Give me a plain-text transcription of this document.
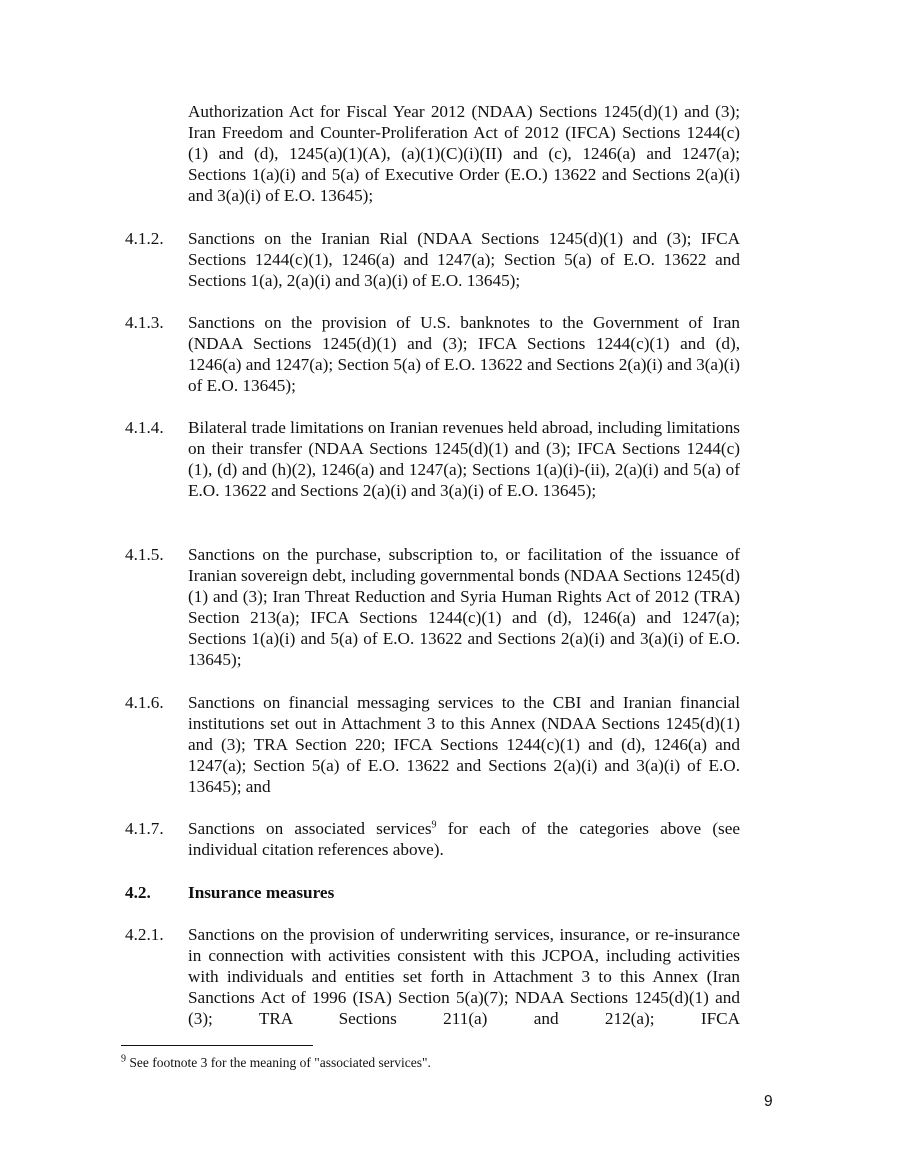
Authorization Act for Fiscal Year 2012 (NDAA) Sections 1245(d)(1) and (3); Iran Freedom and Counter-Proliferation Act of 2012 (IFCA) Sections 1244(c)(1) and (d), 1245(a)(1)(A), (a)(1)(C)(i)(II) and (c), 1246(a) and 1247(a); Sections 1(a)(i) and 5(a) of Executive Order (E.O.) 13622 and Sections 2(a)(i) and 3(a)(i) of E.O. 13645);
4.1.2. Sanctions on the Iranian Rial (NDAA Sections 1245(d)(1) and (3); IFCA Sections 1244(c)(1), 1246(a) and 1247(a); Section 5(a) of E.O. 13622 and Sections 1(a), 2(a)(i) and 3(a)(i) of E.O. 13645);
4.1.3. Sanctions on the provision of U.S. banknotes to the Government of Iran (NDAA Sections 1245(d)(1) and (3); IFCA Sections 1244(c)(1) and (d), 1246(a) and 1247(a); Section 5(a) of E.O. 13622 and Sections 2(a)(i) and 3(a)(i) of E.O. 13645);
4.1.4. Bilateral trade limitations on Iranian revenues held abroad, including limitations on their transfer (NDAA Sections 1245(d)(1) and (3); IFCA Sections 1244(c)(1), (d) and (h)(2), 1246(a) and 1247(a); Sections 1(a)(i)-(ii), 2(a)(i) and 5(a) of E.O. 13622 and Sections 2(a)(i) and 3(a)(i) of E.O. 13645);
4.1.5. Sanctions on the purchase, subscription to, or facilitation of the issuance of Iranian sovereign debt, including governmental bonds (NDAA Sections 1245(d)(1) and (3); Iran Threat Reduction and Syria Human Rights Act of 2012 (TRA) Section 213(a); IFCA Sections 1244(c)(1) and (d), 1246(a) and 1247(a); Sections 1(a)(i) and 5(a) of E.O. 13622 and Sections 2(a)(i) and 3(a)(i) of E.O. 13645);
4.1.6. Sanctions on financial messaging services to the CBI and Iranian financial institutions set out in Attachment 3 to this Annex (NDAA Sections 1245(d)(1) and (3); TRA Section 220; IFCA Sections 1244(c)(1) and (d), 1246(a) and 1247(a); Section 5(a) of E.O. 13622 and Sections 2(a)(i) and 3(a)(i) of E.O. 13645); and
4.1.7. Sanctions on associated services$^9$ for each of the categories above (see individual citation references above).
4.2. Insurance measures
4.2.1. Sanctions on the provision of underwriting services, insurance, or re-insurance in connection with activities consistent with this JCPOA, including activities with individuals and entities set forth in Attachment 3 to this Annex (Iran Sanctions Act of 1996 (ISA) Section 5(a)(7); NDAA Sections 1245(d)(1) and (3); TRA Sections 211(a) and 212(a); IFCA
$^9$ See footnote 3 for the meaning of "associated services".
9
